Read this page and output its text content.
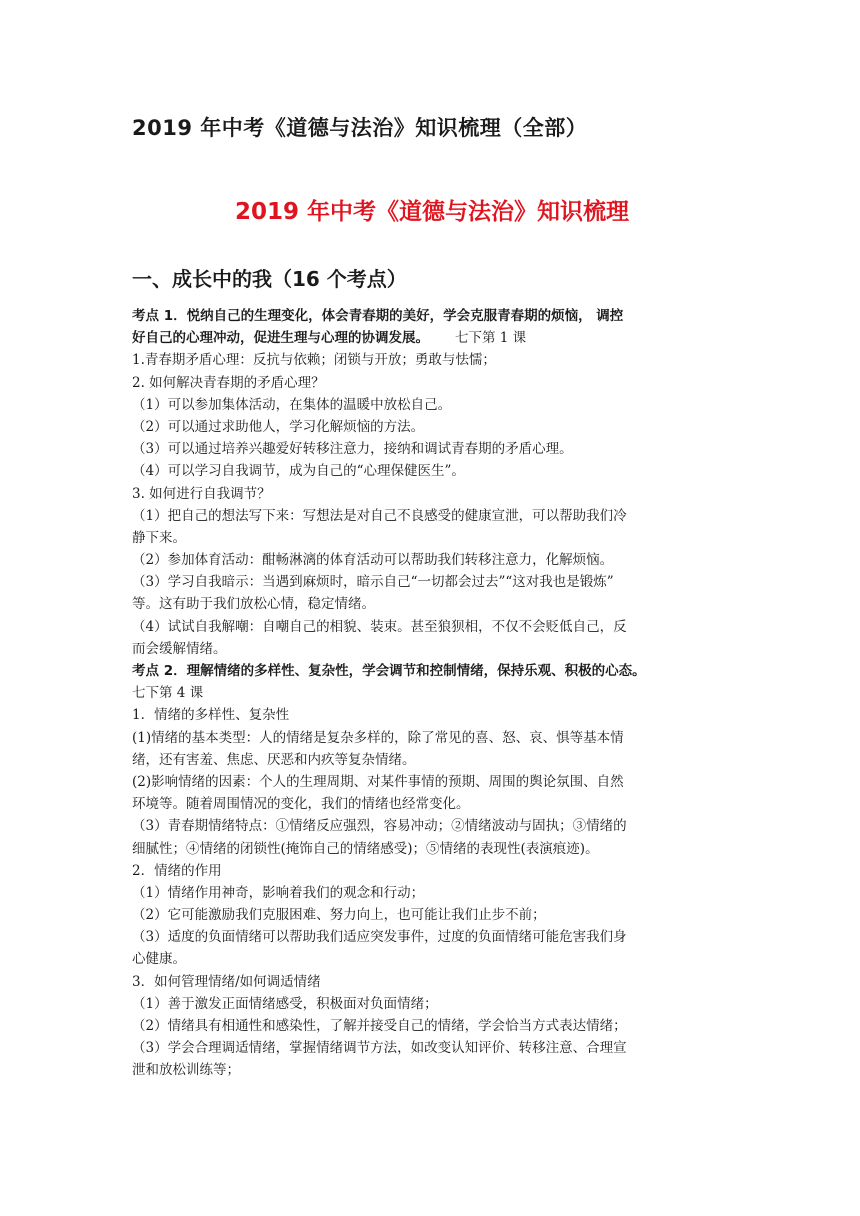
2019 年中考《道德与法治》知识梳理（全部）
2019 年中考《道德与法治》知识梳理
一、成长中的我（16 个考点）
考点 1．悦纳自己的生理变化，体会青春期的美好，学会克服青春期的烦恼， 调控
好自己的心理冲动，促进生理与心理的协调发展。 七下第 1 课
1.青春期矛盾心理：反抗与依赖；闭锁与开放；勇敢与怯懦；
2. 如何解决青春期的矛盾心理？
（1）可以参加集体活动，在集体的温暖中放松自己。
（2）可以通过求助他人，学习化解烦恼的方法。
（3）可以通过培养兴趣爱好转移注意力，接纳和调试青春期的矛盾心理。
（4）可以学习自我调节，成为自己的“心理保健医生”。
3. 如何进行自我调节？
（1）把自己的想法写下来：写想法是对自己不良感受的健康宣泄，可以帮助我们冷
静下来。
（2）参加体育活动：酣畅淋漓的体育活动可以帮助我们转移注意力，化解烦恼。
（3）学习自我暗示：当遇到麻烦时，暗示自己“一切都会过去”“这对我也是锻炼”
等。这有助于我们放松心情，稳定情绪。
（4）试试自我解嘲：自嘲自己的相貌、装束。甚至狼狈相，不仅不会贬低自己，反
而会缓解情绪。
考点 2．理解情绪的多样性、复杂性，学会调节和控制情绪，保持乐观、积极的心态。
七下第 4 课
1．情绪的多样性、复杂性
(1)情绪的基本类型：人的情绪是复杂多样的，除了常见的喜、怒、哀、惧等基本情
绪，还有害羞、焦虑、厌恶和内疚等复杂情绪。
(2)影响情绪的因素：个人的生理周期、对某件事情的预期、周围的舆论氛围、自然
环境等。随着周围情况的变化，我们的情绪也经常变化。
（3）青春期情绪特点：①情绪反应强烈，容易冲动；②情绪波动与固执；③情绪的
细腻性；④情绪的闭锁性(掩饰自己的情绪感受)；⑤情绪的表现性(表演痕迹)。
2．情绪的作用
（1）情绪作用神奇，影响着我们的观念和行动；
（2）它可能激励我们克服困难、努力向上，也可能让我们止步不前；
（3）适度的负面情绪可以帮助我们适应突发事件，过度的负面情绪可能危害我们身
心健康。
3．如何管理情绪/如何调适情绪
（1）善于激发正面情绪感受，积极面对负面情绪；
（2）情绪具有相通性和感染性，了解并接受自己的情绪，学会恰当方式表达情绪；
（3）学会合理调适情绪，掌握情绪调节方法，如改变认知评价、转移注意、合理宣
泄和放松训练等；
